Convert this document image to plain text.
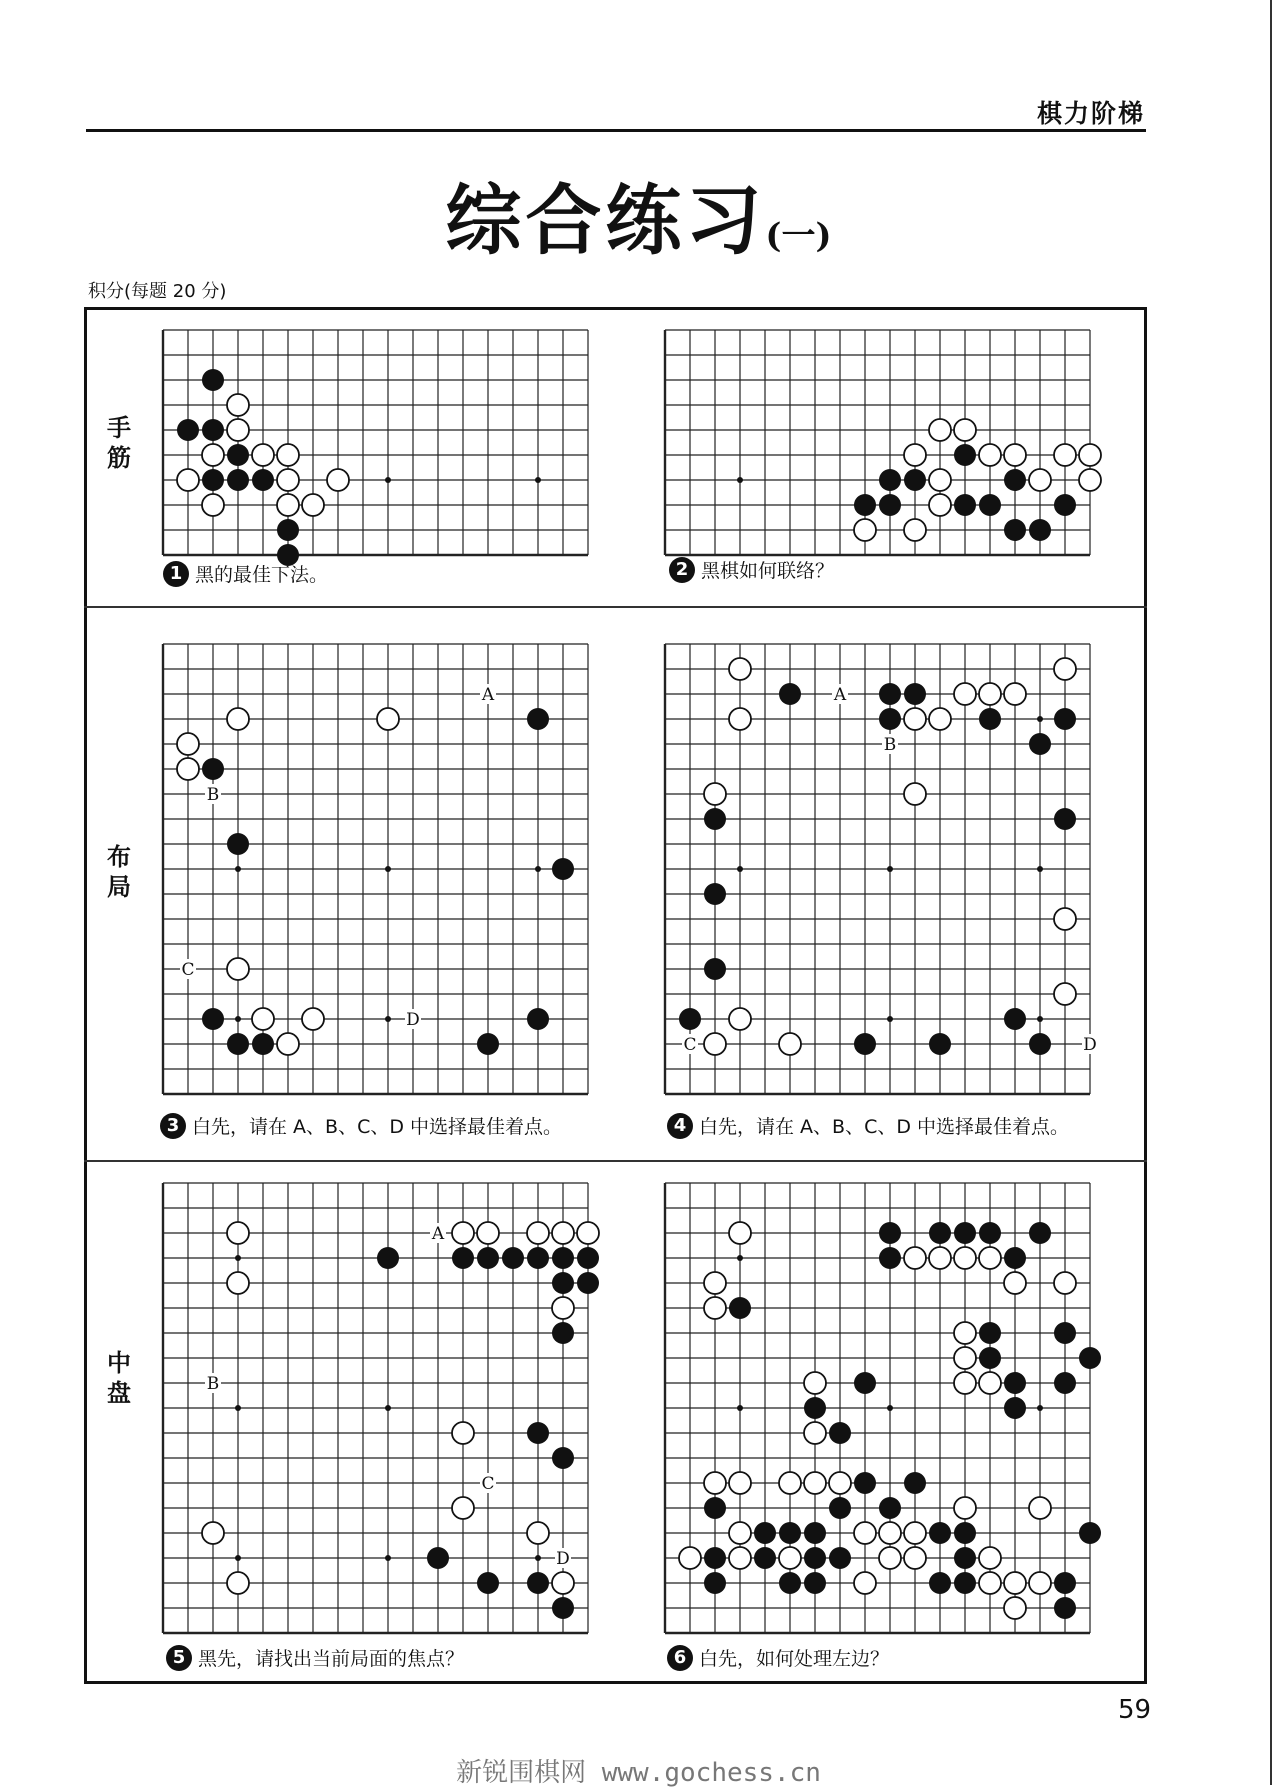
棋力阶梯
综合练习(一)
积分(每题 20 分)
手筋
布局
中盘
A
B
C
D
A
B
C	D
A
B
C
D
1 黑的最佳下法。	2 黑棋如何联络？
3 白先，请在 A、B、C、D 中选择最佳着点。	4 白先，请在 A、B、C、D 中选择最佳着点。
5 黑先，请找出当前局面的焦点？	6 白先，如何处理左边？
59
新锐围棋网 www.gochess.cn
